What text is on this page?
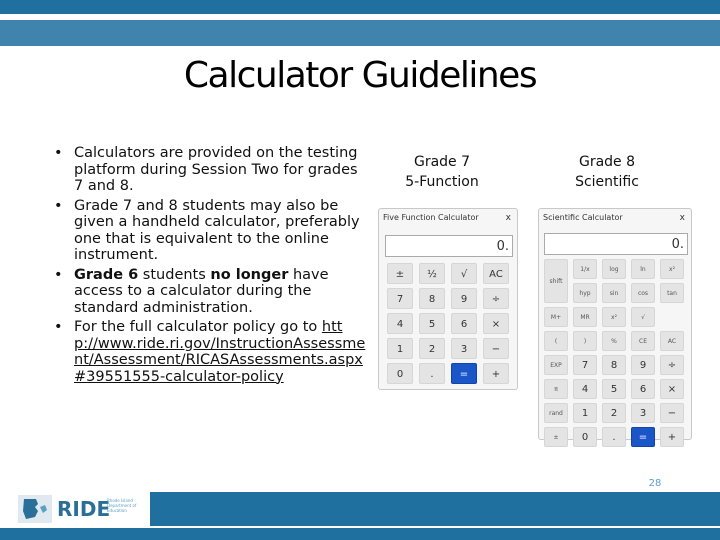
Calculator Guidelines
• Calculators are provided on the testing platform during Session Two for grades 7 and 8.
• Grade 7 and 8 students may also be given a handheld calculator, preferably one that is equivalent to the online instrument.
• Grade 6 students no longer have access to a calculator during the standard administration.
• For the full calculator policy go to http://www.ride.ri.gov/InstructionAssessment/Assessment/RICASAssessments.aspx#39551555-calculator-policy
Grade 7
5-Function
Five Function Calculator	x
0.
±	½	√	AC
7	8	9	÷
4	5	6	×
1	2	3	−
0	.	=	+
Grade 8
Scientific
Scientific Calculator	x
0.
shift
1/x	log	ln	x²
hyp	sin	cos	tan
M+	MR	x²	√
(	)	%	CE	AC
EXP	7	8	9	÷
π	4	5	6	×
rand	1	2	3	−
±	0	.	=	+
28
RIDE
Rhode Island Department of Education
